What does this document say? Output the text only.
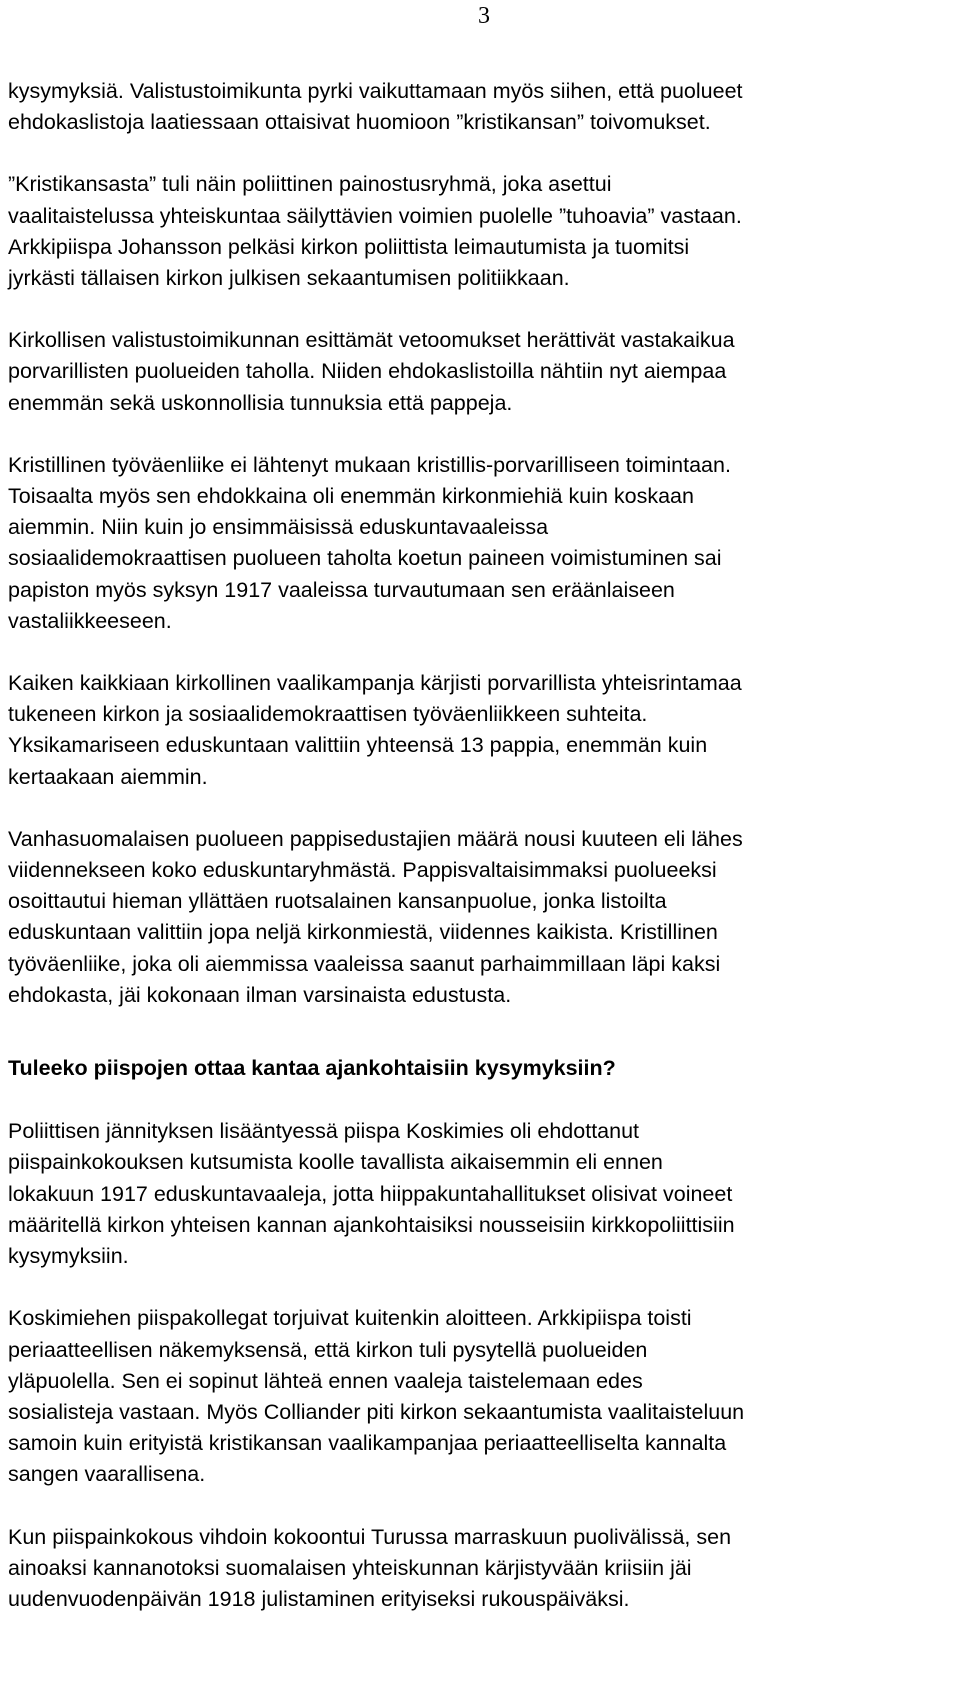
3

kysymyksiä. Valistustoimikunta pyrki vaikuttamaan myös siihen, että puolueet
ehdokaslistoja laatiessaan ottaisivat huomioon ”kristikansan” toivomukset.

”Kristikansasta” tuli näin poliittinen painostusryhmä, joka asettui
vaalitaistelussa yhteiskuntaa säilyttävien voimien puolelle ”tuhoavia” vastaan.
Arkkipiispa Johansson pelkäsi kirkon poliittista leimautumista ja tuomitsi
jyrkästi tällaisen kirkon julkisen sekaantumisen politiikkaan.

Kirkollisen valistustoimikunnan esittämät vetoomukset herättivät vastakaikua
porvarillisten puolueiden taholla. Niiden ehdokaslistoilla nähtiin nyt aiempaa
enemmän sekä uskonnollisia tunnuksia että pappeja.

Kristillinen työväenliike ei lähtenyt mukaan kristillis-porvarilliseen toimintaan.
Toisaalta myös sen ehdokkaina oli enemmän kirkonmiehiä kuin koskaan
aiemmin. Niin kuin jo ensimmäisissä eduskuntavaaleissa
sosiaalidemokraattisen puolueen taholta koetun paineen voimistuminen sai
papiston myös syksyn 1917 vaaleissa turvautumaan sen eräänlaiseen
vastaliikkeeseen.

Kaiken kaikkiaan kirkollinen vaalikampanja kärjisti porvarillista yhteisrintamaa
tukeneen kirkon ja sosiaalidemokraattisen työväenliikkeen suhteita.
Yksikamariseen eduskuntaan valittiin yhteensä 13 pappia, enemmän kuin
kertaakaan aiemmin.

Vanhasuomalaisen puolueen pappisedustajien määrä nousi kuuteen eli lähes
viidennekseen koko eduskuntaryhmästä. Pappisvaltaisimmaksi puolueeksi
osoittautui hieman yllättäen ruotsalainen kansanpuolue, jonka listoilta
eduskuntaan valittiin jopa neljä kirkonmiestä, viidennes kaikista. Kristillinen
työväenliike, joka oli aiemmissa vaaleissa saanut parhaimmillaan läpi kaksi
ehdokasta, jäi kokonaan ilman varsinaista edustusta.

Tuleeko piispojen ottaa kantaa ajankohtaisiin kysymyksiin?

Poliittisen jännityksen lisääntyessä piispa Koskimies oli ehdottanut
piispainkokouksen kutsumista koolle tavallista aikaisemmin eli ennen
lokakuun 1917 eduskuntavaaleja, jotta hiippakuntahallitukset olisivat voineet
määritellä kirkon yhteisen kannan ajankohtaisiksi nousseisiin kirkkopoliittisiin
kysymyksiin.

Koskimiehen piispakollegat torjuivat kuitenkin aloitteen. Arkkipiispa toisti
periaatteellisen näkemyksensä, että kirkon tuli pysytellä puolueiden
yläpuolella. Sen ei sopinut lähteä ennen vaaleja taistelemaan edes
sosialisteja vastaan. Myös Colliander piti kirkon sekaantumista vaalitaisteluun
samoin kuin erityistä kristikansan vaalikampanjaa periaatteelliselta kannalta
sangen vaarallisena.

Kun piispainkokous vihdoin kokoontui Turussa marraskuun puolivälissä, sen
ainoaksi kannanotoksi suomalaisen yhteiskunnan kärjistyvään kriisiin jäi
uudenvuodenpäivän 1918 julistaminen erityiseksi rukouspäiväksi.
